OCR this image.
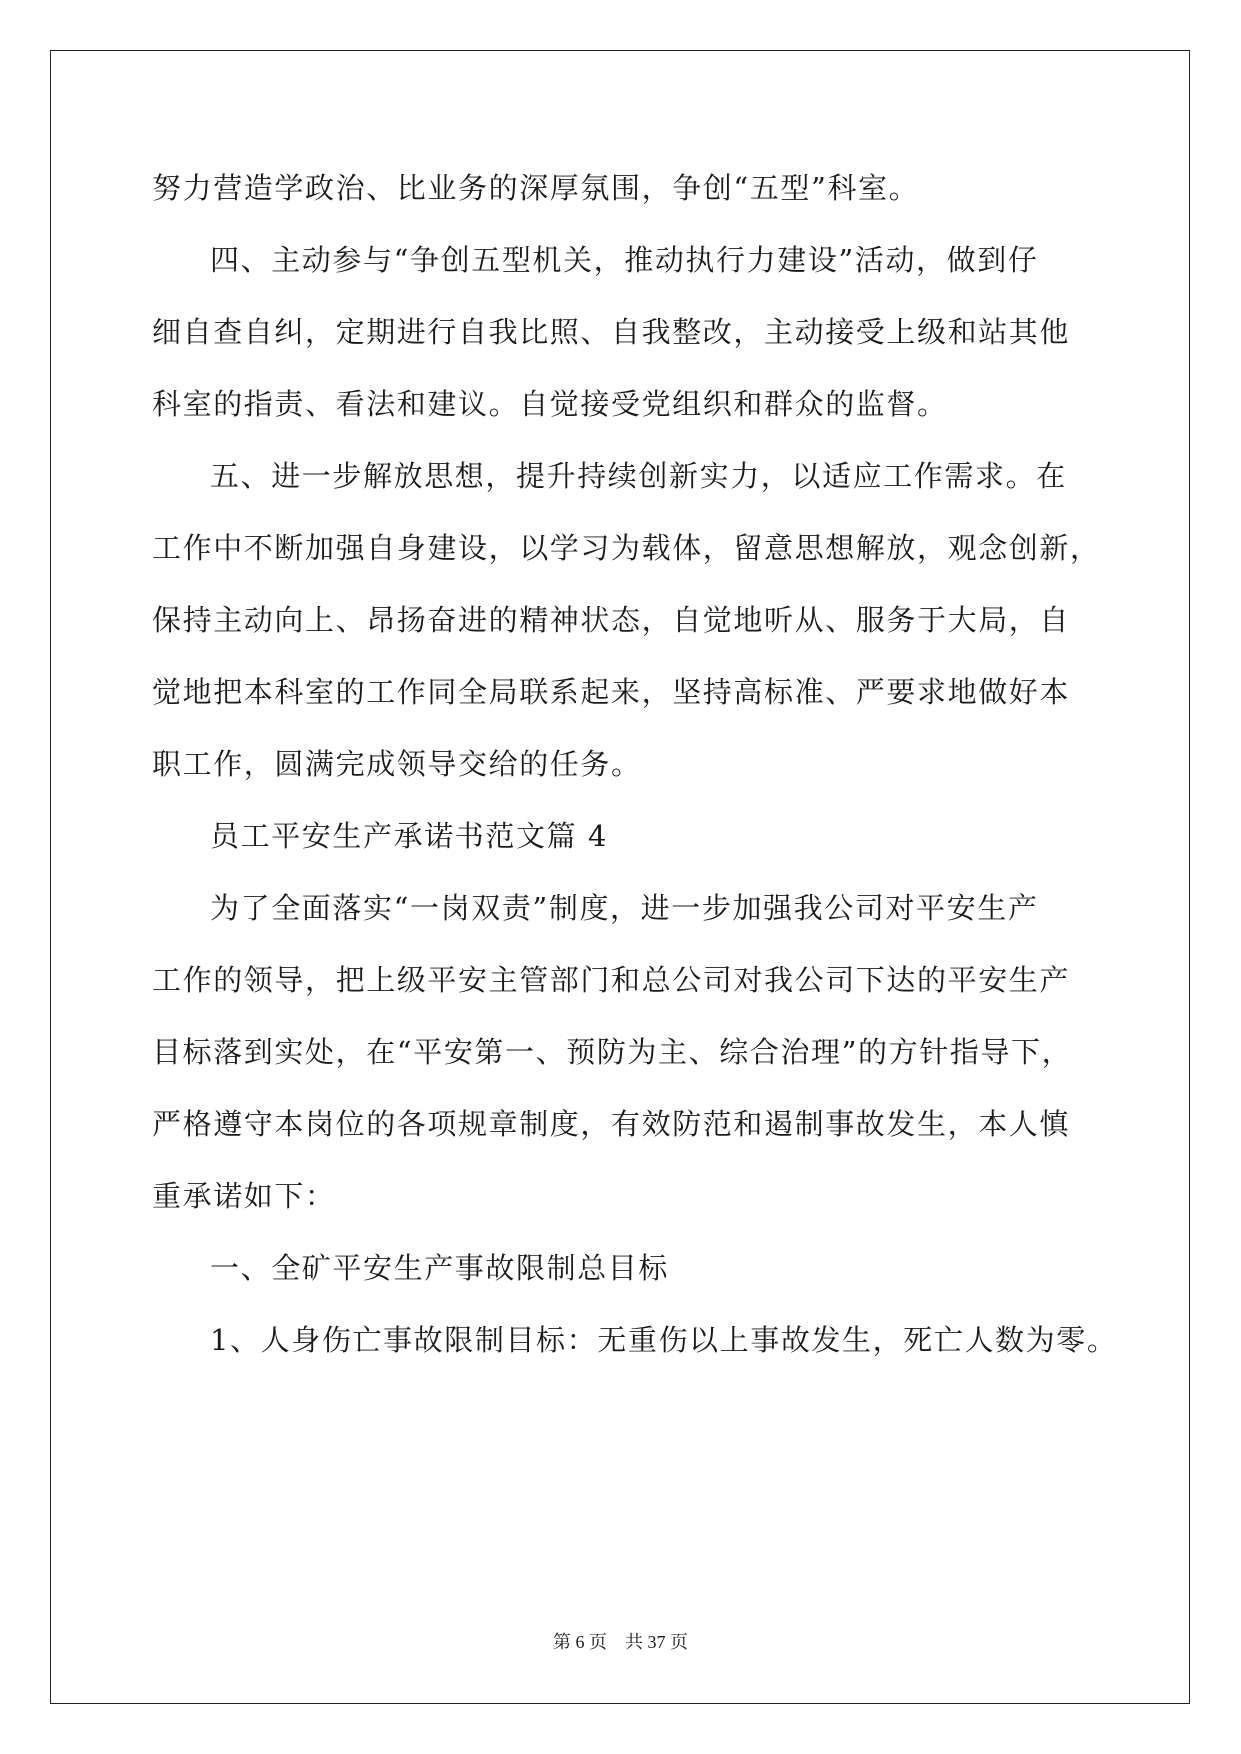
努力营造学政治、比业务的深厚氛围，争创“五型”科室。
四、主动参与“争创五型机关，推动执行力建设”活动，做到仔
细自查自纠，定期进行自我比照、自我整改，主动接受上级和站其他
科室的指责、看法和建议。自觉接受党组织和群众的监督。
五、进一步解放思想，提升持续创新实力，以适应工作需求。在
工作中不断加强自身建设，以学习为载体，留意思想解放，观念创新，
保持主动向上、昂扬奋进的精神状态，自觉地听从、服务于大局，自
觉地把本科室的工作同全局联系起来，坚持高标准、严要求地做好本
职工作，圆满完成领导交给的任务。
员工平安生产承诺书范文篇 4
为了全面落实“一岗双责”制度，进一步加强我公司对平安生产
工作的领导，把上级平安主管部门和总公司对我公司下达的平安生产
目标落到实处，在“平安第一、预防为主、综合治理”的方针指导下，
严格遵守本岗位的各项规章制度，有效防范和遏制事故发生，本人慎
重承诺如下：
一、全矿平安生产事故限制总目标
1、人身伤亡事故限制目标：无重伤以上事故发生，死亡人数为零。
第 6 页　共 37 页
